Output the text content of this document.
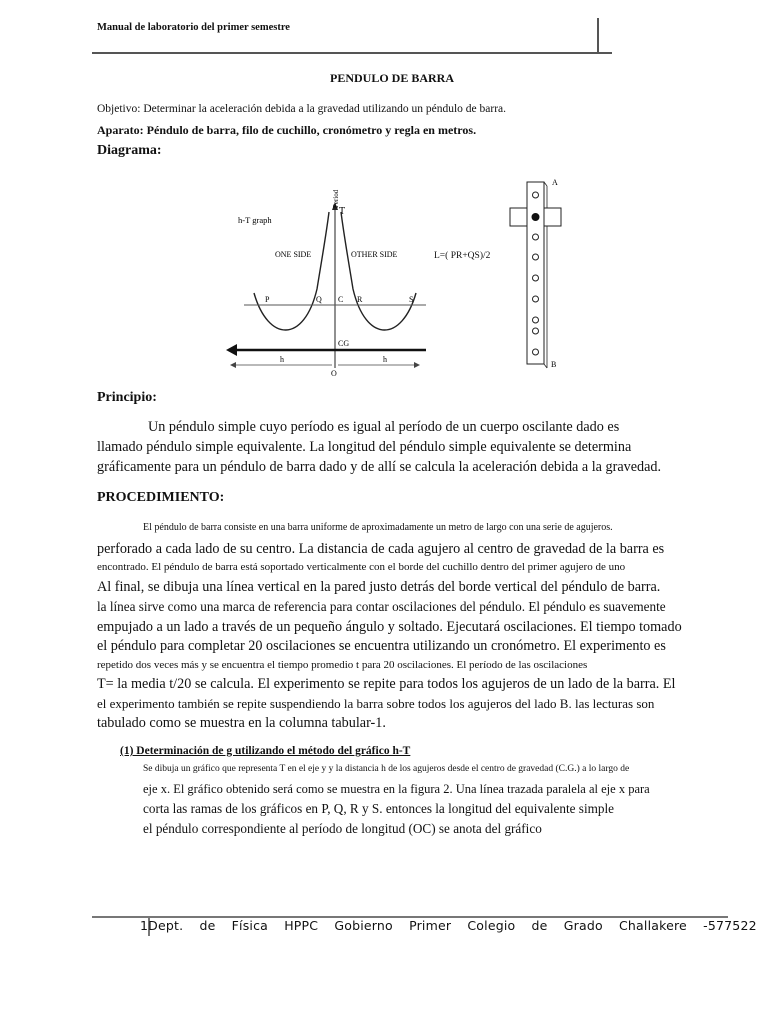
Manual de laboratorio del primer semestre
PENDULO DE BARRA
Objetivo: Determinar la aceleración debida a la gravedad utilizando un péndulo de barra.
Aparato: Péndulo de barra, filo de cuchillo, cronómetro y regla en metros.
Diagrama:
Period
T
h-T graph
ONE SIDE	OTHER SIDE
P	Q C R	S
CG
h	h
O
L=( PR+QS)/2
A
B
Principio:
Un péndulo simple cuyo período es igual al período de un cuerpo oscilante dado es
llamado péndulo simple equivalente. La longitud del péndulo simple equivalente se determina
gráficamente para un péndulo de barra dado y de allí se calcula la aceleración debida a la gravedad.
PROCEDIMIENTO:
El péndulo de barra consiste en una barra uniforme de aproximadamente un metro de largo con una serie de agujeros.
perforado a cada lado de su centro. La distancia de cada agujero al centro de gravedad de la barra es
encontrado. El péndulo de barra está soportado verticalmente con el borde del cuchillo dentro del primer agujero de uno
Al final, se dibuja una línea vertical en la pared justo detrás del borde vertical del péndulo de barra.
la línea sirve como una marca de referencia para contar oscilaciones del péndulo. El péndulo es suavemente
empujado a un lado a través de un pequeño ángulo y soltado. Ejecutará oscilaciones. El tiempo tomado
el péndulo para completar 20 oscilaciones se encuentra utilizando un cronómetro. El experimento es
repetido dos veces más y se encuentra el tiempo promedio t para 20 oscilaciones. El período de las oscilaciones
T= la media t/20 se calcula. El experimento se repite para todos los agujeros de un lado de la barra. El
el experimento también se repite suspendiendo la barra sobre todos los agujeros del lado B. las lecturas son
tabulado como se muestra en la columna tabular-1.
(1) Determinación de g utilizando el método del gráfico h-T
Se dibuja un gráfico que representa T en el eje y y la distancia h de los agujeros desde el centro de gravedad (C.G.) a lo largo de
eje x. El gráfico obtenido será como se muestra en la figura 2. Una línea trazada paralela al eje x para
corta las ramas de los gráficos en P, Q, R y S. entonces la longitud del equivalente simple
el péndulo correspondiente al período de longitud (OC) se anota del gráfico
1Dept. de Física HPPC Gobierno Primer Colegio de Grado Challakere -577522
